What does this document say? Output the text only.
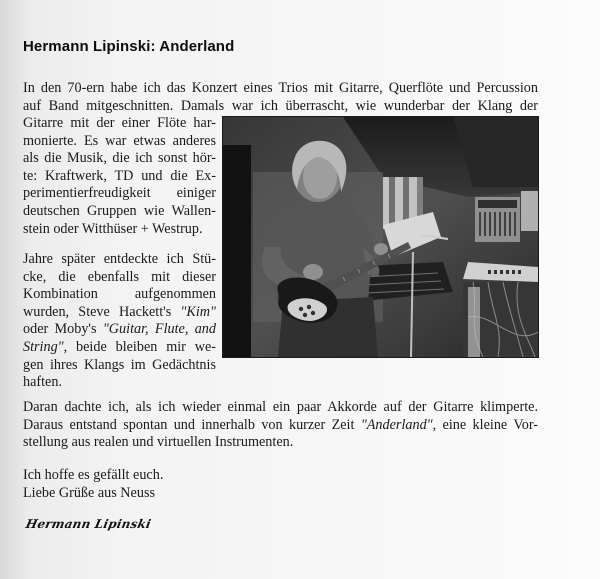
Hermann Lipinski: Anderland
In den 70-ern habe ich das Konzert eines Trios mit Gitarre, Querflöte und Percussion
auf Band mitgeschnitten. Damals war ich überrascht, wie wunderbar der Klang der
Gitarre mit der einer Flöte har-
monierte. Es war etwas anderes
als die Musik, die ich sonst hör-
te: Kraftwerk, TD und die Ex-
perimentierfreudigkeit einiger
deutschen Gruppen wie Wallen-
stein oder Witthüser + Westrup.
Jahre später entdeckte ich Stü-
cke, die ebenfalls mit dieser
Kombination aufgenommen
wurden, Steve Hackett's "Kim"
oder Moby's "Guitar, Flute, and
String", beide bleiben mir we-
gen ihres Klangs im Gedächtnis
haften.
Daran dachte ich, als ich wieder einmal ein paar Akkorde auf der Gitarre klimperte.
Daraus entstand spontan und innerhalb von kurzer Zeit "Anderland", eine kleine Vor-
stellung aus realen und virtuellen Instrumenten.
Ich hoffe es gefällt euch.
Liebe Grüße aus Neuss
Hermann Lipinski
